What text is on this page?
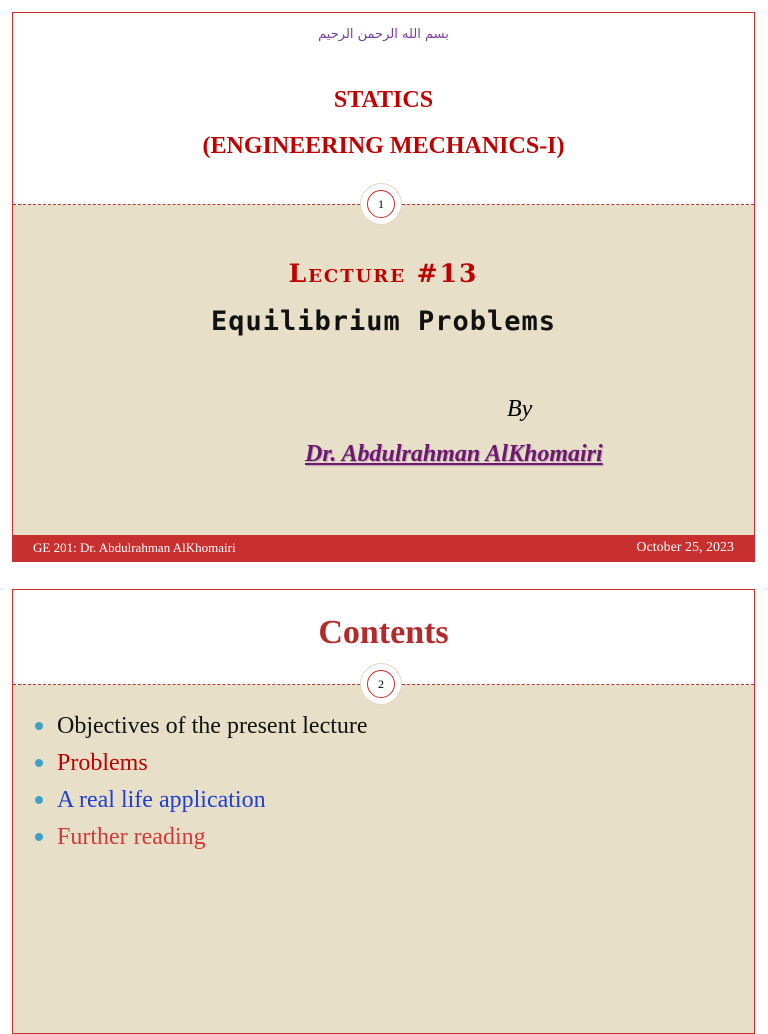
1
بسم الله الرحمن الرحيم
STATICS
(ENGINEERING MECHANICS-I)
Lecture #13
Equilibrium Problems
By
Dr. Abdulrahman AlKhomairi
GE 201: Dr. Abdulrahman AlKhomairi	October 25, 2023
2
Contents
Objectives of the present lecture
Problems
A real life application
Further reading
